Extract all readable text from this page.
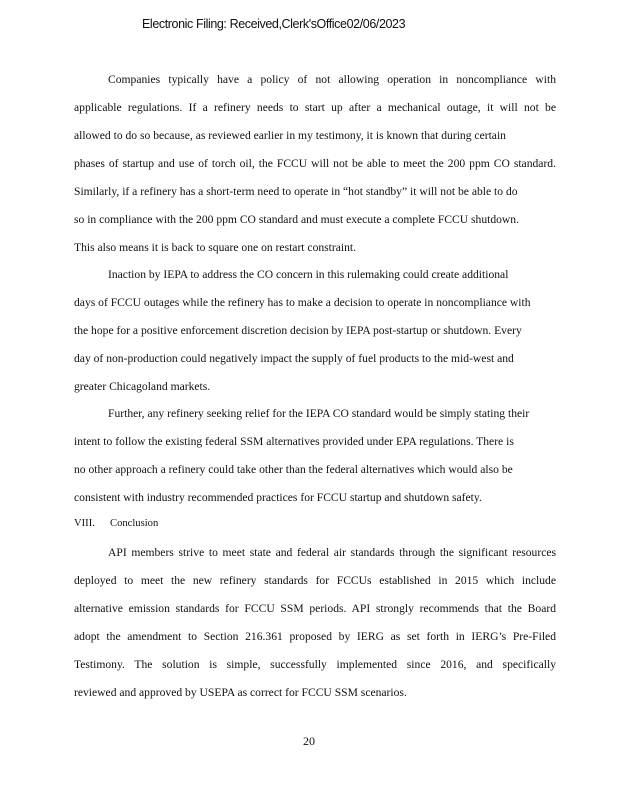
Electronic Filing: Received,Clerk'sOffice02/06/2023
Companies typically have a policy of not allowing operation in noncompliance with
applicable regulations. If a refinery needs to start up after a mechanical outage, it will not be
allowed to do so because, as reviewed earlier in my testimony, it is known that during certain
phases of startup and use of torch oil, the FCCU will not be able to meet the 200 ppm CO standard.
Similarly, if a refinery has a short-term need to operate in “hot standby” it will not be able to do
so in compliance with the 200 ppm CO standard and must execute a complete FCCU shutdown.
This also means it is back to square one on restart constraint.
Inaction by IEPA to address the CO concern in this rulemaking could create additional
days of FCCU outages while the refinery has to make a decision to operate in noncompliance with
the hope for a positive enforcement discretion decision by IEPA post-startup or shutdown. Every
day of non-production could negatively impact the supply of fuel products to the mid-west and
greater Chicagoland markets.
Further, any refinery seeking relief for the IEPA CO standard would be simply stating their
intent to follow the existing federal SSM alternatives provided under EPA regulations. There is
no other approach a refinery could take other than the federal alternatives which would also be
consistent with industry recommended practices for FCCU startup and shutdown safety.
VIII. Conclusion
API members strive to meet state and federal air standards through the significant resources
deployed to meet the new refinery standards for FCCUs established in 2015 which include
alternative emission standards for FCCU SSM periods. API strongly recommends that the Board
adopt the amendment to Section 216.361 proposed by IERG as set forth in IERG’s Pre-Filed
Testimony. The solution is simple, successfully implemented since 2016, and specifically
reviewed and approved by USEPA as correct for FCCU SSM scenarios.
20
